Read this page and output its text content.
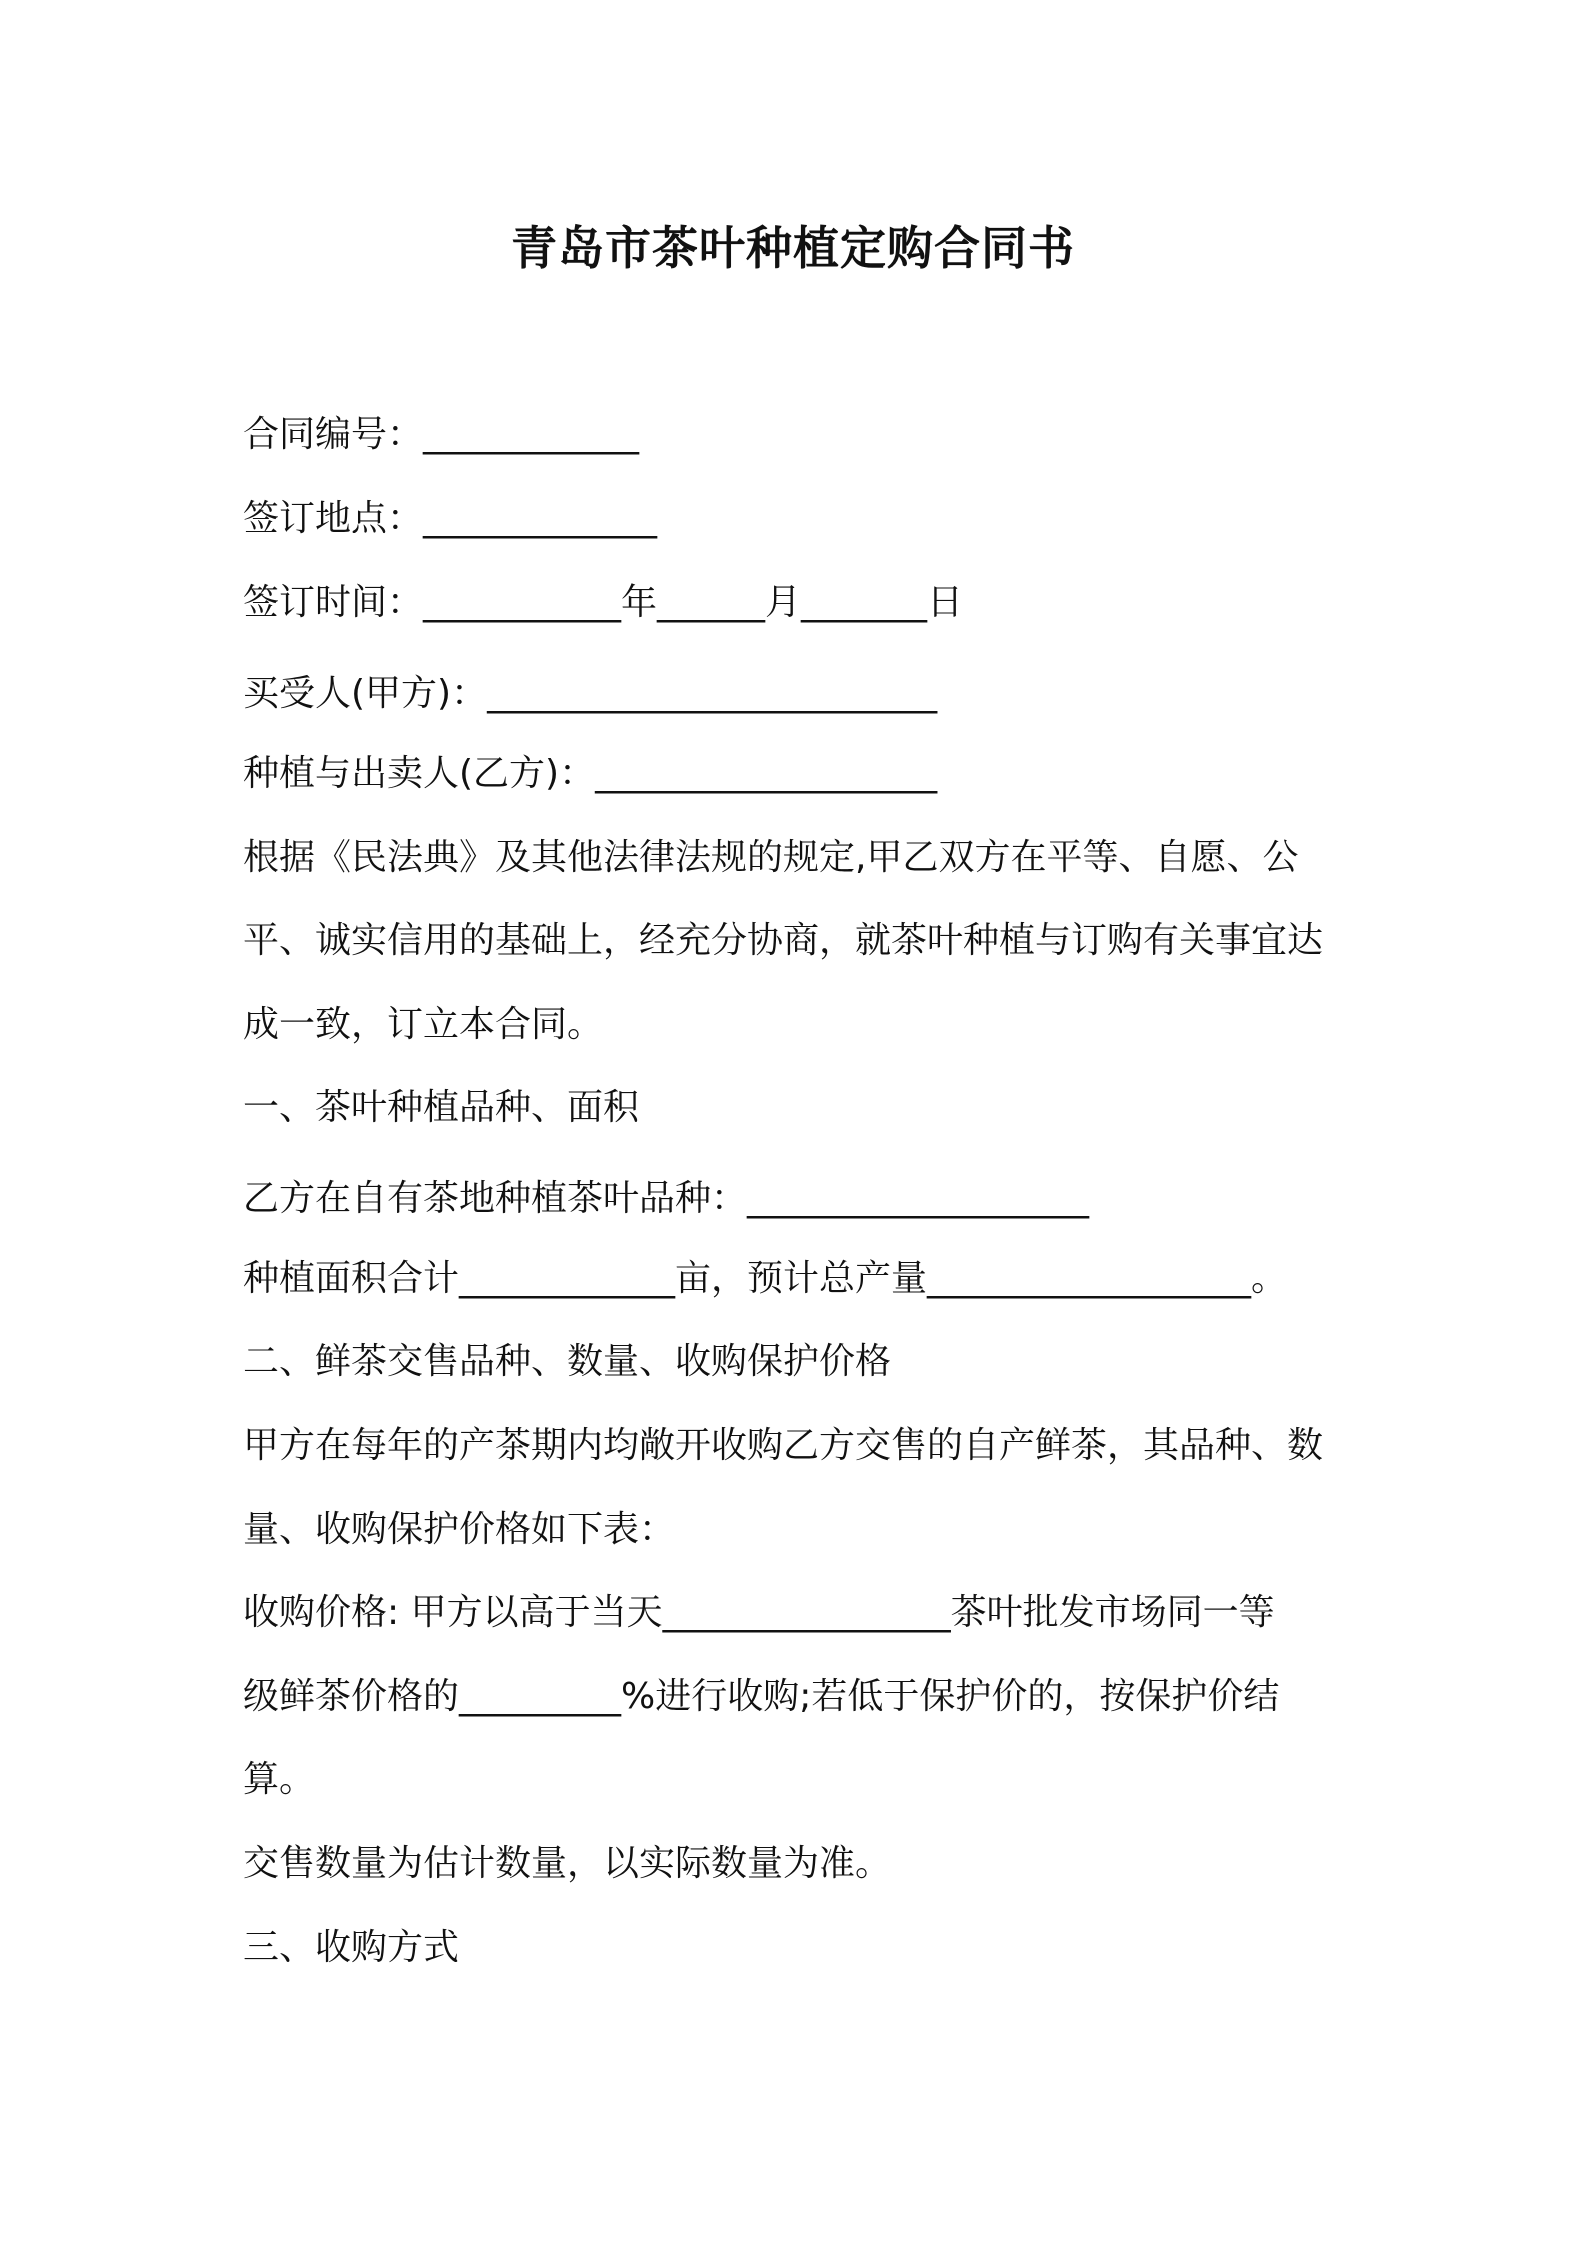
青岛市茶叶种植定购合同书
合同编号：____________
签订地点：_____________
签订时间：___________年______月_______日
买受人(甲方)：_________________________
种植与出卖人(乙方)：___________________
根据《民法典》及其他法律法规的规定,甲乙双方在平等、自愿、公
平、诚实信用的基础上，经充分协商，就茶叶种植与订购有关事宜达
成一致，订立本合同。
一、茶叶种植品种、面积
乙方在自有茶地种植茶叶品种：___________________
种植面积合计____________亩，预计总产量__________________。
二、鲜茶交售品种、数量、收购保护价格
甲方在每年的产茶期内均敞开收购乙方交售的自产鲜茶，其品种、数
量、收购保护价格如下表：
收购价格: 甲方以高于当天________________茶叶批发市场同一等
级鲜茶价格的_________%进行收购;若低于保护价的，按保护价结
算。
交售数量为估计数量，以实际数量为准。
三、收购方式
